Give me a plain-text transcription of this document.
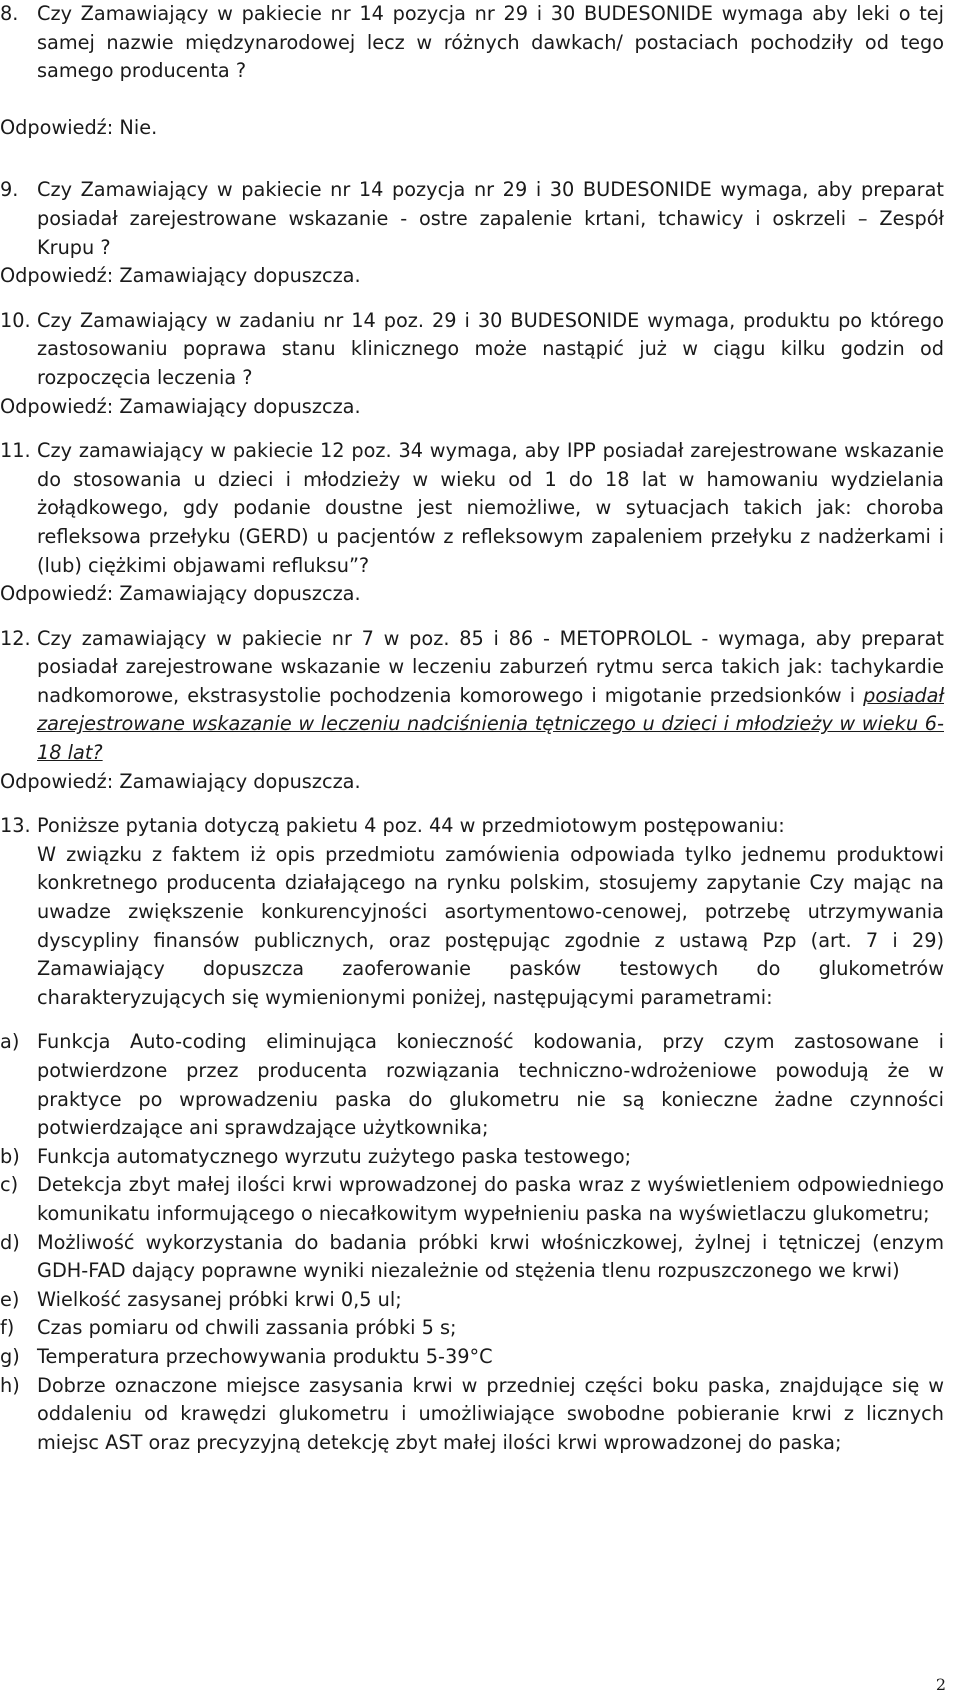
8. Czy Zamawiający w pakiecie nr 14 pozycja nr 29 i 30 BUDESONIDE wymaga aby leki o tej samej nazwie międzynarodowej lecz w różnych dawkach/ postaciach pochodziły od tego samego producenta ?
Odpowiedź: Nie.
9. Czy Zamawiający w pakiecie nr 14 pozycja nr 29 i 30 BUDESONIDE wymaga, aby preparat posiadał zarejestrowane wskazanie - ostre zapalenie krtani, tchawicy i oskrzeli – Zespół Krupu ?
Odpowiedź: Zamawiający dopuszcza.
10. Czy Zamawiający w zadaniu nr 14 poz. 29 i 30 BUDESONIDE wymaga, produktu po którego zastosowaniu poprawa stanu klinicznego może nastąpić już w ciągu kilku godzin od rozpoczęcia leczenia ?
Odpowiedź: Zamawiający dopuszcza.
11. Czy zamawiający w pakiecie 12 poz. 34 wymaga, aby IPP posiadał zarejestrowane wskazanie do stosowania u dzieci i młodzieży w wieku od 1 do 18 lat w hamowaniu wydzielania żołądkowego, gdy podanie doustne jest niemożliwe, w sytuacjach takich jak: choroba refleksowa przełyku (GERD) u pacjentów z refleksowym zapaleniem przełyku z nadżerkami i (lub) ciężkimi objawami refluksu”?
Odpowiedź: Zamawiający dopuszcza.
12. Czy zamawiający w pakiecie nr 7 w poz. 85 i 86 - METOPROLOL - wymaga, aby preparat posiadał zarejestrowane wskazanie w leczeniu zaburzeń rytmu serca takich jak: tachykardie nadkomorowe, ekstrasystolie pochodzenia komorowego i migotanie przedsionków i posiadał zarejestrowane wskazanie w leczeniu nadciśnienia tętniczego u dzieci i młodzieży w wieku 6-18 lat?
Odpowiedź: Zamawiający dopuszcza.
13. Poniższe pytania dotyczą pakietu 4 poz. 44 w przedmiotowym postępowaniu:
W związku z faktem iż opis przedmiotu zamówienia odpowiada tylko jednemu produktowi konkretnego producenta działającego na rynku polskim, stosujemy zapytanie Czy mając na uwadze zwiększenie konkurencyjności asortymentowo-cenowej, potrzebę utrzymywania dyscypliny finansów publicznych, oraz postępując zgodnie z ustawą Pzp (art. 7 i 29) Zamawiający dopuszcza zaoferowanie pasków testowych do glukometrów charakteryzujących się wymienionymi poniżej, następującymi parametrami:
a) Funkcja Auto-coding eliminująca konieczność kodowania, przy czym zastosowane i potwierdzone przez producenta rozwiązania techniczno-wdrożeniowe powodują że w praktyce po wprowadzeniu paska do glukometru nie są konieczne żadne czynności potwierdzające ani sprawdzające użytkownika;
b) Funkcja automatycznego wyrzutu zużytego paska testowego;
c) Detekcja zbyt małej ilości krwi wprowadzonej do paska wraz z wyświetleniem odpowiedniego komunikatu informującego o niecałkowitym wypełnieniu paska na wyświetlaczu glukometru;
d) Możliwość wykorzystania do badania próbki krwi włośniczkowej, żylnej i tętniczej (enzym GDH-FAD dający poprawne wyniki niezależnie od stężenia tlenu rozpuszczonego we krwi)
e) Wielkość zasysanej próbki krwi 0,5 ul;
f) Czas pomiaru od chwili zassania próbki 5 s;
g) Temperatura przechowywania produktu 5-39°C
h) Dobrze oznaczone miejsce zasysania krwi w przedniej części boku paska, znajdujące się w oddaleniu od krawędzi glukometru i umożliwiające swobodne pobieranie krwi z licznych miejsc AST oraz precyzyjną detekcję zbyt małej ilości krwi wprowadzonej do paska;
2
